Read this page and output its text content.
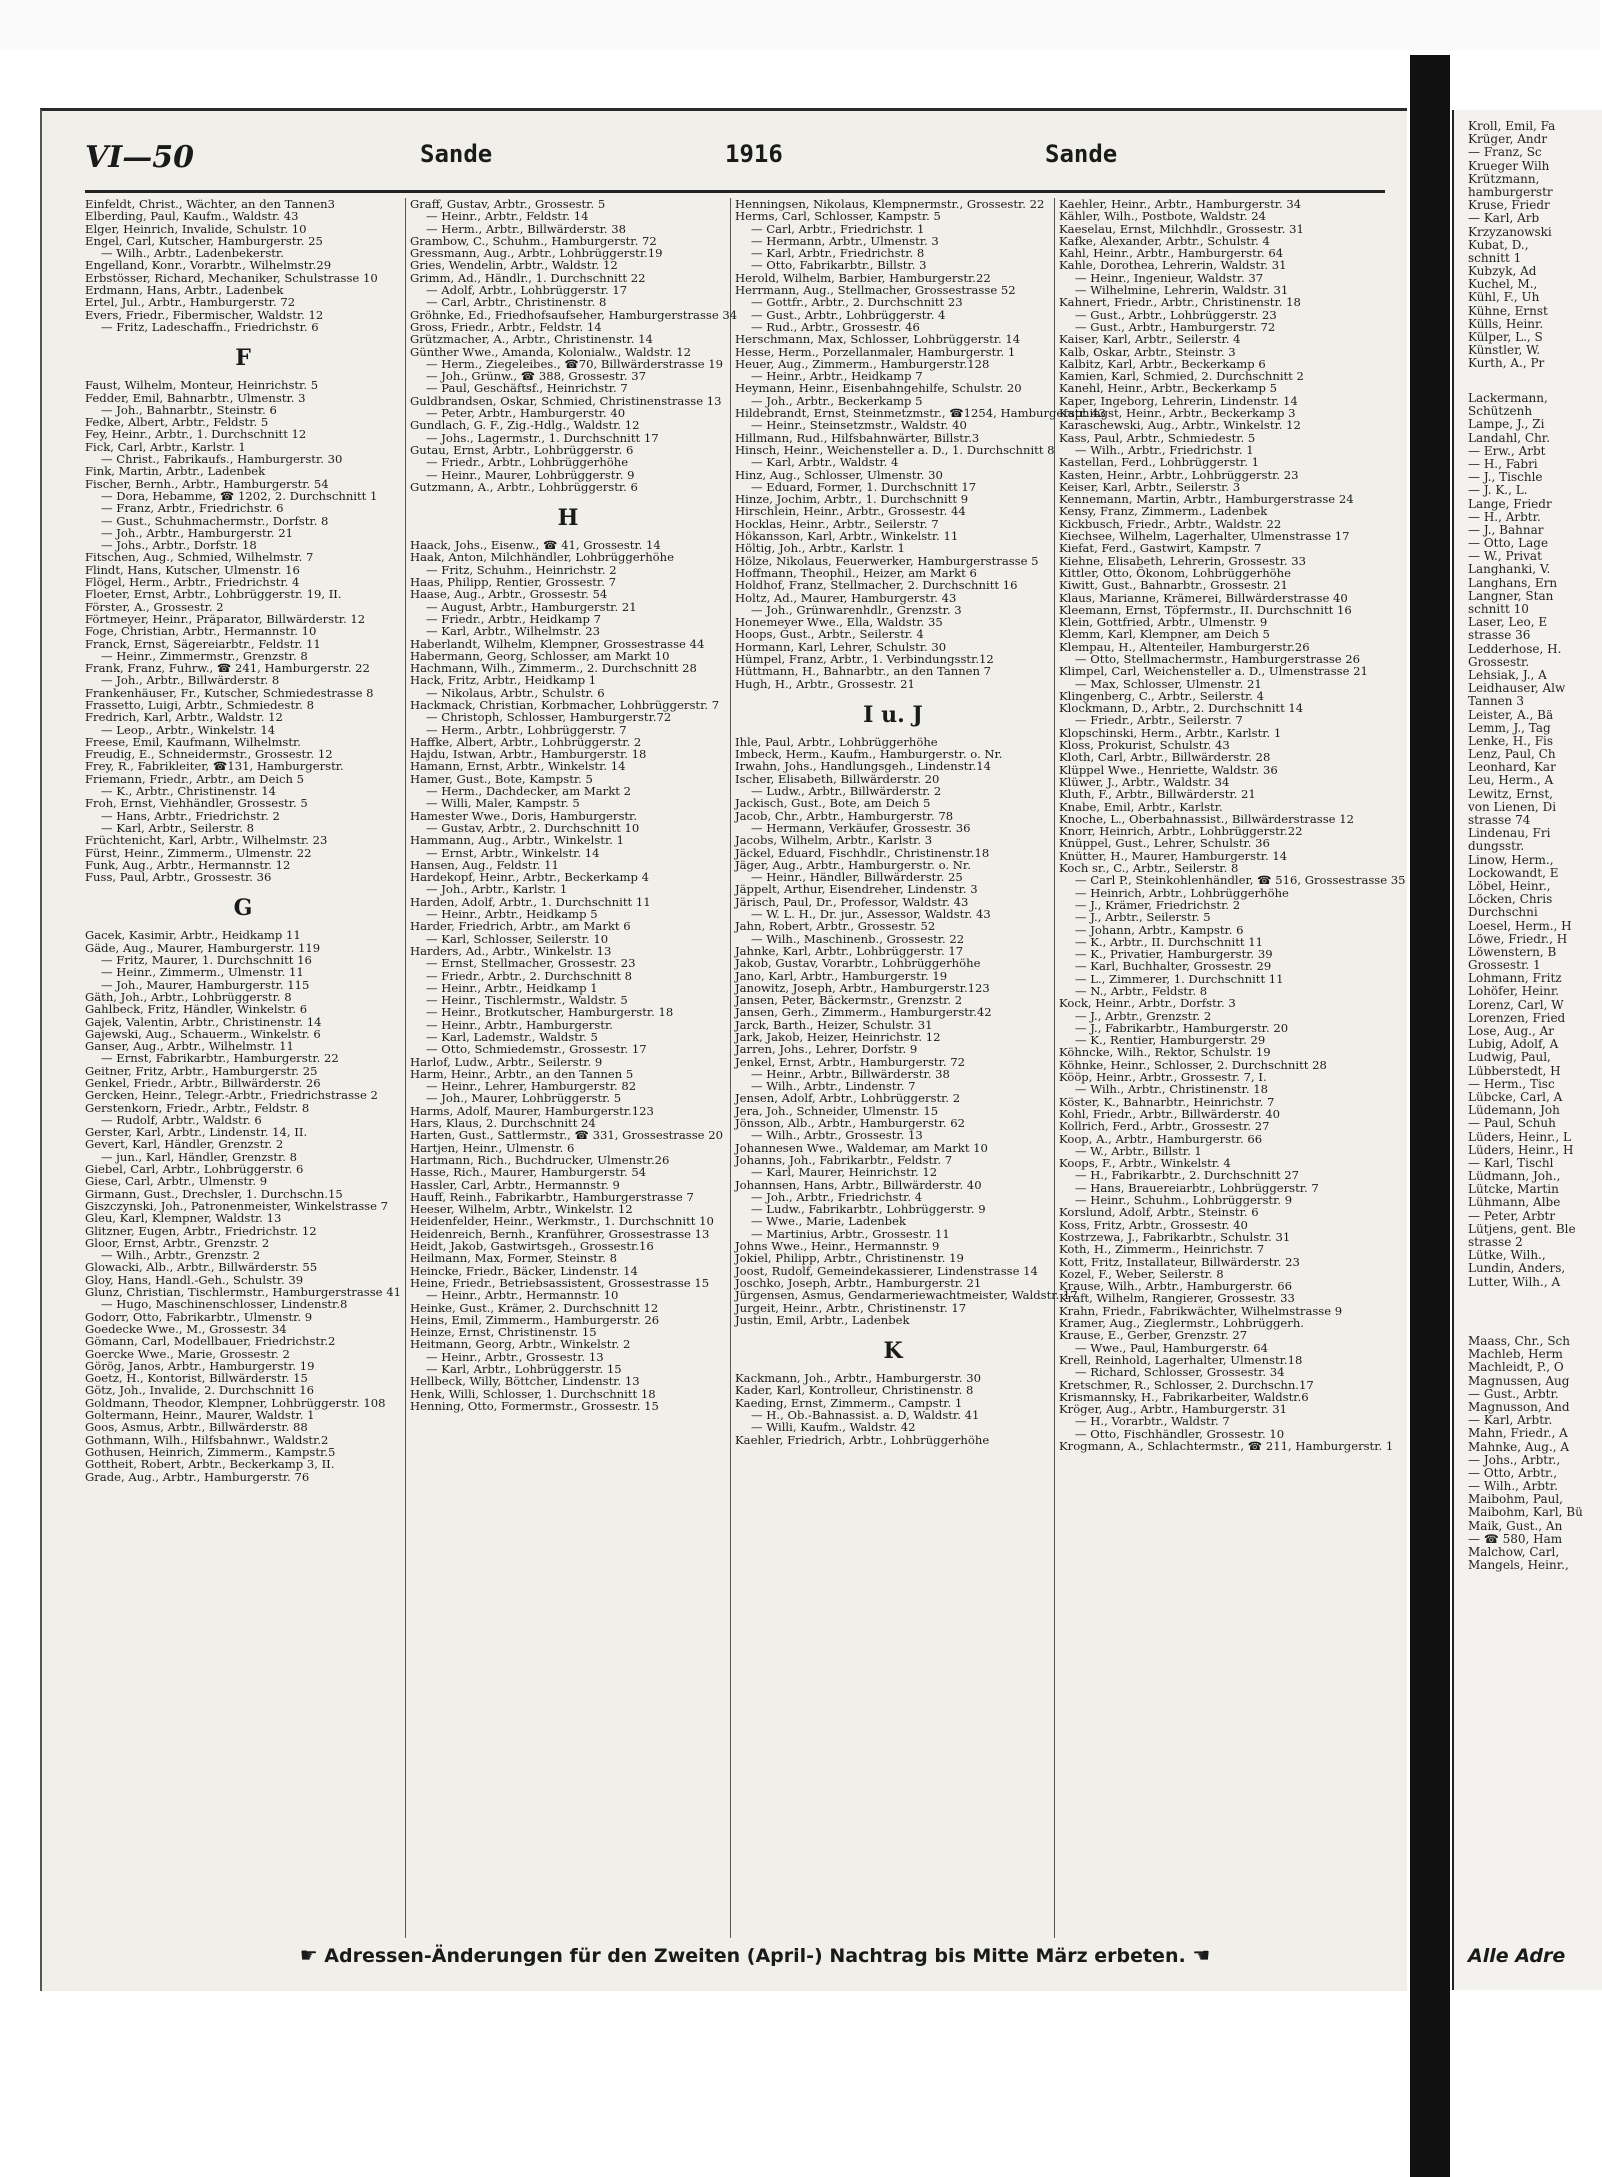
Kroll, Emil, Fa
Krüger, Andr
— Franz, Sc
Krueger Wilh
Krützmann,
hamburgerstr
Kruse, Friedr
— Karl, Arb
Krzyzanowski
Kubat, D.,
schnitt 1
Kubzyk, Ad
Kuchel, M.,
Kühl, F., Uh
Kühne, Ernst
Külls, Heinr.
Külper, L., S
Künstler, W.
Kurth, A., Pr
Lackermann,
Schützenh
Lampe, J., Zi
Landahl, Chr.
— Erw., Arbt
— H., Fabri
— J., Tischle
— J. K., L.
Lange, Friedr
— H., Arbtr.
— J., Bahnar
— Otto, Lage
— W., Privat
Langhanki, V.
Langhans, Ern
Langner, Stan
schnitt 10
Laser, Leo, E
strasse 36
Ledderhose, H.
Grossestr.
Lehsiak, J., A
Leidhauser, Alw
Tannen 3
Leister, A., Bä
Lemm, J., Tag
Lenke, H., Fis
Lenz, Paul, Ch
Leonhard, Kar
Leu, Herm., A
Lewitz, Ernst,
von Lienen, Di
strasse 74
Lindenau, Fri
dungsstr.
Linow, Herm.,
Lockowandt, E
Löbel, Heinr.,
Löcken, Chris
Durchschni
Loesel, Herm., H
Löwe, Friedr., H
Löwenstern, B
Grossestr. 1
Lohmann, Fritz
Lohöfer, Heinr.
Lorenz, Carl, W
Lorenzen, Fried
Lose, Aug., Ar
Lubig, Adolf, A
Ludwig, Paul,
Lübberstedt, H
— Herm., Tisc
Lübcke, Carl, A
Lüdemann, Joh
— Paul, Schuh
Lüders, Heinr., L
Lüders, Heinr., H
— Karl, Tischl
Lüdmann, Joh.,
Lütcke, Martin
Lühmann, Albe
— Peter, Arbtr
Lütjens, gent. Ble
strasse 2
Lütke, Wilh.,
Lundin, Anders,
Lutter, Wilh., A
Maass, Chr., Sch
Machleb, Herm
Machleidt, P., O
Magnussen, Aug
— Gust., Arbtr.
Magnusson, And
— Karl, Arbtr.
Mahn, Friedr., A
Mahnke, Aug., A
— Johs., Arbtr.,
— Otto, Arbtr.,
— Wilh., Arbtr.
Maibohm, Paul,
Maibohm, Karl, Bü
Maik, Gust., An
— ☎ 580, Ham
Malchow, Carl,
Mangels, Heinr.,
Alle Adre
VI—50	Sande	1916	Sande
Einfeldt, Christ., Wächter, an den Tannen3
Elberding, Paul, Kaufm., Waldstr. 43
Elger, Heinrich, Invalide, Schulstr. 10
Engel, Carl, Kutscher, Hamburgerstr. 25
— Wilh., Arbtr., Ladenbekerstr.
Engelland, Konr., Vorarbtr., Wilhelmstr.29
Erbstösser, Richard, Mechaniker, Schulstrasse 10
Erdmann, Hans, Arbtr., Ladenbek
Ertel, Jul., Arbtr., Hamburgerstr. 72
Evers, Friedr., Fibermischer, Waldstr. 12
— Fritz, Ladeschaffn., Friedrichstr. 6
F
Faust, Wilhelm, Monteur, Heinrichstr. 5
Fedder, Emil, Bahnarbtr., Ulmenstr. 3
— Joh., Bahnarbtr., Steinstr. 6
Fedke, Albert, Arbtr., Feldstr. 5
Fey, Heinr., Arbtr., 1. Durchschnitt 12
Fick, Carl, Arbtr., Karlstr. 1
— Christ., Fabrikaufs., Hamburgerstr. 30
Fink, Martin, Arbtr., Ladenbek
Fischer, Bernh., Arbtr., Hamburgerstr. 54
— Dora, Hebamme, ☎ 1202, 2. Durchschnitt 1
— Franz, Arbtr., Friedrichstr. 6
— Gust., Schuhmachermstr., Dorfstr. 8
— Joh., Arbtr., Hamburgerstr. 21
— Johs., Arbtr., Dorfstr. 18
Fitschen, Aug., Schmied, Wilhelmstr. 7
Flindt, Hans, Kutscher, Ulmenstr. 16
Flögel, Herm., Arbtr., Friedrichstr. 4
Floeter, Ernst, Arbtr., Lohbrüggerstr. 19, II.
Förster, A., Grossestr. 2
Förtmeyer, Heinr., Präparator, Billwärderstr. 12
Foge, Christian, Arbtr., Hermannstr. 10
Franck, Ernst, Sägereiarbtr., Feldstr. 11
— Heinr., Zimmermstr., Grenzstr. 8
Frank, Franz, Fuhrw., ☎ 241, Hamburgerstr. 22
— Joh., Arbtr., Billwärderstr. 8
Frankenhäuser, Fr., Kutscher, Schmiedestrasse 8
Frassetto, Luigi, Arbtr., Schmiedestr. 8
Fredrich, Karl, Arbtr., Waldstr. 12
— Leop., Arbtr., Winkelstr. 14
Freese, Emil, Kaufmann, Wilhelmstr.
Freudig, E., Schneidermstr., Grossestr. 12
Frey, R., Fabrikleiter, ☎131, Hamburgerstr.
Friemann, Friedr., Arbtr., am Deich 5
— K., Arbtr., Christinenstr. 14
Froh, Ernst, Viehhändler, Grossestr. 5
— Hans, Arbtr., Friedrichstr. 2
— Karl, Arbtr., Seilerstr. 8
Früchtenicht, Karl, Arbtr., Wilhelmstr. 23
Fürst, Heinr., Zimmerm., Ulmenstr. 22
Funk, Aug., Arbtr., Hermannstr. 12
Fuss, Paul, Arbtr., Grossestr. 36
G
Gacek, Kasimir, Arbtr., Heidkamp 11
Gäde, Aug., Maurer, Hamburgerstr. 119
— Fritz, Maurer, 1. Durchschnitt 16
— Heinr., Zimmerm., Ulmenstr. 11
— Joh., Maurer, Hamburgerstr. 115
Gäth, Joh., Arbtr., Lohbrüggerstr. 8
Gahlbeck, Fritz, Händler, Winkelstr. 6
Gajek, Valentin, Arbtr., Christinenstr. 14
Gajewski, Aug., Schauerm., Winkelstr. 6
Ganser, Aug., Arbtr., Wilhelmstr. 11
— Ernst, Fabrikarbtr., Hamburgerstr. 22
Geitner, Fritz, Arbtr., Hamburgerstr. 25
Genkel, Friedr., Arbtr., Billwärderstr. 26
Gercken, Heinr., Telegr.-Arbtr., Friedrichstrasse 2
Gerstenkorn, Friedr., Arbtr., Feldstr. 8
— Rudolf, Arbtr., Waldstr. 6
Gerster, Karl, Arbtr., Lindenstr. 14, II.
Gevert, Karl, Händler, Grenzstr. 2
— jun., Karl, Händler, Grenzstr. 8
Giebel, Carl, Arbtr., Lohbrüggerstr. 6
Giese, Carl, Arbtr., Ulmenstr. 9
Girmann, Gust., Drechsler, 1. Durchschn.15
Giszczynski, Joh., Patronenmeister, Winkelstrasse 7
Gleu, Karl, Klempner, Waldstr. 13
Glitzner, Eugen, Arbtr., Friedrichstr. 12
Gloor, Ernst, Arbtr., Grenzstr. 2
— Wilh., Arbtr., Grenzstr. 2
Glowacki, Alb., Arbtr., Billwärderstr. 55
Gloy, Hans, Handl.-Geh., Schulstr. 39
Glunz, Christian, Tischlermstr., Hamburgerstrasse 41
— Hugo, Maschinenschlosser, Lindenstr.8
Godorr, Otto, Fabrikarbtr., Ulmenstr. 9
Goedecke Wwe., M., Grossestr. 34
Gömann, Carl, Modellbauer, Friedrichstr.2
Goercke Wwe., Marie, Grossestr. 2
Görög, Janos, Arbtr., Hamburgerstr. 19
Goetz, H., Kontorist, Billwärderstr. 15
Götz, Joh., Invalide, 2. Durchschnitt 16
Goldmann, Theodor, Klempner, Lohbrüggerstr. 108
Goltermann, Heinr., Maurer, Waldstr. 1
Goos, Asmus, Arbtr., Billwärderstr. 88
Gothmann, Wilh., Hilfsbahnwr., Waldstr.2
Gothusen, Heinrich, Zimmerm., Kampstr.5
Gottheit, Robert, Arbtr., Beckerkamp 3, II.
Grade, Aug., Arbtr., Hamburgerstr. 76
Graff, Gustav, Arbtr., Grossestr. 5
— Heinr., Arbtr., Feldstr. 14
— Herm., Arbtr., Billwärderstr. 38
Grambow, C., Schuhm., Hamburgerstr. 72
Gressmann, Aug., Arbtr., Lohbrüggerstr.19
Gries, Wendelin, Arbtr., Waldstr. 12
Grimm, Ad., Händlr., 1. Durchschnitt 22
— Adolf, Arbtr., Lohbrüggerstr. 17
— Carl, Arbtr., Christinenstr. 8
Gröhnke, Ed., Friedhofsaufseher, Hamburgerstrasse 34
Gross, Friedr., Arbtr., Feldstr. 14
Grützmacher, A., Arbtr., Christinenstr. 14
Günther Wwe., Amanda, Kolonialw., Waldstr. 12
— Herm., Ziegeleibes., ☎70, Billwärderstrasse 19
— Joh., Grünw., ☎ 388, Grossestr. 37
— Paul, Geschäftsf., Heinrichstr. 7
Guldbrandsen, Oskar, Schmied, Christinenstrasse 13
— Peter, Arbtr., Hamburgerstr. 40
Gundlach, G. F., Zig.-Hdlg., Waldstr. 12
— Johs., Lagermstr., 1. Durchschnitt 17
Gutau, Ernst, Arbtr., Lohbrüggerstr. 6
— Friedr., Arbtr., Lohbrüggerhöhe
— Heinr., Maurer, Lohbrüggerstr. 9
Gutzmann, A., Arbtr., Lohbrüggerstr. 6
H
Haack, Johs., Eisenw., ☎ 41, Grossestr. 14
Haak, Anton, Milchhändler, Lohbrüggerhöhe
— Fritz, Schuhm., Heinrichstr. 2
Haas, Philipp, Rentier, Grossestr. 7
Haase, Aug., Arbtr., Grossestr. 54
— August, Arbtr., Hamburgerstr. 21
— Friedr., Arbtr., Heidkamp 7
— Karl, Arbtr., Wilhelmstr. 23
Haberlandt, Wilhelm, Klempner, Grossestrasse 44
Habermann, Georg, Schlosser, am Markt 10
Hachmann, Wilh., Zimmerm., 2. Durchschnitt 28
Hack, Fritz, Arbtr., Heidkamp 1
— Nikolaus, Arbtr., Schulstr. 6
Hackmack, Christian, Korbmacher, Lohbrüggerstr. 7
— Christoph, Schlosser, Hamburgerstr.72
— Herm., Arbtr., Lohbrüggerstr. 7
Haffke, Albert, Arbtr., Lohbrüggerstr. 2
Hajdu, Istwan, Arbtr., Hamburgerstr. 18
Hamann, Ernst, Arbtr., Winkelstr. 14
Hamer, Gust., Bote, Kampstr. 5
— Herm., Dachdecker, am Markt 2
— Willi, Maler, Kampstr. 5
Hamester Wwe., Doris, Hamburgerstr.
— Gustav, Arbtr., 2. Durchschnitt 10
Hammann, Aug., Arbtr., Winkelstr. 1
— Ernst, Arbtr., Winkelstr. 14
Hansen, Aug., Feldstr. 11
Hardekopf, Heinr., Arbtr., Beckerkamp 4
— Joh., Arbtr., Karlstr. 1
Harden, Adolf, Arbtr., 1. Durchschnitt 11
— Heinr., Arbtr., Heidkamp 5
Harder, Friedrich, Arbtr., am Markt 6
— Karl, Schlosser, Seilerstr. 10
Harders, Ad., Arbtr., Winkelstr. 13
— Ernst, Stellmacher, Grossestr. 23
— Friedr., Arbtr., 2. Durchschnitt 8
— Heinr., Arbtr., Heidkamp 1
— Heinr., Tischlermstr., Waldstr. 5
— Heinr., Brotkutscher, Hamburgerstr. 18
— Heinr., Arbtr., Hamburgerstr.
— Karl, Lademstr., Waldstr. 5
— Otto, Schmiedemstr., Grossestr. 17
Harlof, Ludw., Arbtr., Seilerstr. 9
Harm, Heinr., Arbtr., an den Tannen 5
— Heinr., Lehrer, Hamburgerstr. 82
— Joh., Maurer, Lohbrüggerstr. 5
Harms, Adolf, Maurer, Hamburgerstr.123
Hars, Klaus, 2. Durchschnitt 24
Harten, Gust., Sattlermstr., ☎ 331, Grossestrasse 20
Hartjen, Heinr., Ulmenstr. 6
Hartmann, Rich., Buchdrucker, Ulmenstr.26
Hasse, Rich., Maurer, Hamburgerstr. 54
Hassler, Carl, Arbtr., Hermannstr. 9
Hauff, Reinh., Fabrikarbtr., Hamburgerstrasse 7
Heeser, Wilhelm, Arbtr., Winkelstr. 12
Heidenfelder, Heinr., Werkmstr., 1. Durchschnitt 10
Heidenreich, Bernh., Kranführer, Grossestrasse 13
Heidt, Jakob, Gastwirtsgeh., Grossestr.16
Heilmann, Max, Former, Steinstr. 8
Heincke, Friedr., Bäcker, Lindenstr. 14
Heine, Friedr., Betriebsassistent, Grossestrasse 15
— Heinr., Arbtr., Hermannstr. 10
Heinke, Gust., Krämer, 2. Durchschnitt 12
Heins, Emil, Zimmerm., Hamburgerstr. 26
Heinze, Ernst, Christinenstr. 15
Heitmann, Georg, Arbtr., Winkelstr. 2
— Heinr., Arbtr., Grossestr. 13
— Karl, Arbtr., Lohbrüggerstr. 15
Hellbeck, Willy, Böttcher, Lindenstr. 13
Henk, Willi, Schlosser, 1. Durchschnitt 18
Henning, Otto, Formermstr., Grossestr. 15
Henningsen, Nikolaus, Klempnermstr., Grossestr. 22
Herms, Carl, Schlosser, Kampstr. 5
— Carl, Arbtr., Friedrichstr. 1
— Hermann, Arbtr., Ulmenstr. 3
— Karl, Arbtr., Friedrichstr. 8
— Otto, Fabrikarbtr., Billstr. 3
Herold, Wilhelm, Barbier, Hamburgerstr.22
Herrmann, Aug., Stellmacher, Grossestrasse 52
— Gottfr., Arbtr., 2. Durchschnitt 23
— Gust., Arbtr., Lohbrüggerstr. 4
— Rud., Arbtr., Grossestr. 46
Herschmann, Max, Schlosser, Lohbrüggerstr. 14
Hesse, Herm., Porzellanmaler, Hamburgerstr. 1
Heuer, Aug., Zimmerm., Hamburgerstr.128
— Heinr., Arbtr., Heidkamp 7
Heymann, Heinr., Eisenbahngehilfe, Schulstr. 20
— Joh., Arbtr., Beckerkamp 5
Hildebrandt, Ernst, Steinmetzmstr., ☎1254, Hamburgerstr. 43
— Heinr., Steinsetzmstr., Waldstr. 40
Hillmann, Rud., Hilfsbahnwärter, Billstr.3
Hinsch, Heinr., Weichensteller a. D., 1. Durchschnitt 8
— Karl, Arbtr., Waldstr. 4
Hinz, Aug., Schlosser, Ulmenstr. 30
— Eduard, Former, 1. Durchschnitt 17
Hinze, Jochim, Arbtr., 1. Durchschnitt 9
Hirschlein, Heinr., Arbtr., Grossestr. 44
Hocklas, Heinr., Arbtr., Seilerstr. 7
Hökansson, Karl, Arbtr., Winkelstr. 11
Höltig, Joh., Arbtr., Karlstr. 1
Hölze, Nikolaus, Feuerwerker, Hamburgerstrasse 5
Hoffmann, Theophil., Heizer, am Markt 6
Holdhof, Franz, Stellmacher, 2. Durchschnitt 16
Holtz, Ad., Maurer, Hamburgerstr. 43
— Joh., Grünwarenhdlr., Grenzstr. 3
Honemeyer Wwe., Ella, Waldstr. 35
Hoops, Gust., Arbtr., Seilerstr. 4
Hormann, Karl, Lehrer, Schulstr. 30
Hümpel, Franz, Arbtr., 1. Verbindungsstr.12
Hüttmann, H., Bahnarbtr., an den Tannen 7
Hugh, H., Arbtr., Grossestr. 21
I u. J
Ihle, Paul, Arbtr., Lohbrüggerhöhe
Imbeck, Herm., Kaufm., Hamburgerstr. o. Nr.
Irwahn, Johs., Handlungsgeh., Lindenstr.14
Ischer, Elisabeth, Billwärderstr. 20
— Ludw., Arbtr., Billwärderstr. 2
Jackisch, Gust., Bote, am Deich 5
Jacob, Chr., Arbtr., Hamburgerstr. 78
— Hermann, Verkäufer, Grossestr. 36
Jacobs, Wilhelm, Arbtr., Karlstr. 3
Jäckel, Eduard, Fischhdlr., Christinenstr.18
Jäger, Aug., Arbtr., Hamburgerstr. o. Nr.
— Heinr., Händler, Billwärderstr. 25
Jäppelt, Arthur, Eisendreher, Lindenstr. 3
Järisch, Paul, Dr., Professor, Waldstr. 43
— W. L. H., Dr. jur., Assessor, Waldstr. 43
Jahn, Robert, Arbtr., Grossestr. 52
— Wilh., Maschinenb., Grossestr. 22
Jahnke, Karl, Arbtr., Lohbrüggerstr. 17
Jakob, Gustav, Vorarbtr., Lohbrüggerhöhe
Jano, Karl, Arbtr., Hamburgerstr. 19
Janowitz, Joseph, Arbtr., Hamburgerstr.123
Jansen, Peter, Bäckermstr., Grenzstr. 2
Jansen, Gerh., Zimmerm., Hamburgerstr.42
Jarck, Barth., Heizer, Schulstr. 31
Jark, Jakob, Heizer, Heinrichstr. 12
Jarren, Johs., Lehrer, Dorfstr. 9
Jenkel, Ernst, Arbtr., Hamburgerstr. 72
— Heinr., Arbtr., Billwärderstr. 38
— Wilh., Arbtr., Lindenstr. 7
Jensen, Adolf, Arbtr., Lohbrüggerstr. 2
Jera, Joh., Schneider, Ulmenstr. 15
Jönsson, Alb., Arbtr., Hamburgerstr. 62
— Wilh., Arbtr., Grossestr. 13
Johannesen Wwe., Waldemar, am Markt 10
Johanns, Joh., Fabrikarbtr., Feldstr. 7
— Karl, Maurer, Heinrichstr. 12
Johannsen, Hans, Arbtr., Billwärderstr. 40
— Joh., Arbtr., Friedrichstr. 4
— Ludw., Fabrikarbtr., Lohbrüggerstr. 9
— Wwe., Marie, Ladenbek
— Martinius, Arbtr., Grossestr. 11
Johns Wwe., Heinr., Hermannstr. 9
Jokiel, Philipp, Arbtr., Christinenstr. 19
Joost, Rudolf, Gemeindekassierer, Lindenstrasse 14
Joschko, Joseph, Arbtr., Hamburgerstr. 21
Jürgensen, Asmus, Gendarmeriewachtmeister, Waldstr. 17
Jurgeit, Heinr., Arbtr., Christinenstr. 17
Justin, Emil, Arbtr., Ladenbek
K
Kackmann, Joh., Arbtr., Hamburgerstr. 30
Kader, Karl, Kontrolleur, Christinenstr. 8
Kaeding, Ernst, Zimmerm., Campstr. 1
— H., Ob.-Bahnassist. a. D, Waldstr. 41
— Willi, Kaufm., Waldstr. 42
Kaehler, Friedrich, Arbtr., Lohbrüggerhöhe
Kaehler, Heinr., Arbtr., Hamburgerstr. 34
Kähler, Wilh., Postbote, Waldstr. 24
Kaeselau, Ernst, Milchhdlr., Grossestr. 31
Kafke, Alexander, Arbtr., Schulstr. 4
Kahl, Heinr., Arbtr., Hamburgerstr. 64
Kahle, Dorothea, Lehrerin, Waldstr. 31
— Heinr., Ingenieur, Waldstr. 37
— Wilhelmine, Lehrerin, Waldstr. 31
Kahnert, Friedr., Arbtr., Christinenstr. 18
— Gust., Arbtr., Lohbrüggerstr. 23
— Gust., Arbtr., Hamburgerstr. 72
Kaiser, Karl, Arbtr., Seilerstr. 4
Kalb, Oskar, Arbtr., Steinstr. 3
Kalbitz, Karl, Arbtr., Beckerkamp 6
Kamien, Karl, Schmied, 2. Durchschnitt 2
Kanehl, Heinr., Arbtr., Beckerkamp 5
Kaper, Ingeborg, Lehrerin, Lindenstr. 14
Kaphingst, Heinr., Arbtr., Beckerkamp 3
Karaschewski, Aug., Arbtr., Winkelstr. 12
Kass, Paul, Arbtr., Schmiedestr. 5
— Wilh., Arbtr., Friedrichstr. 1
Kastellan, Ferd., Lohbrüggerstr. 1
Kasten, Heinr., Arbtr., Lohbrüggerstr. 23
Keiser, Karl, Arbtr., Seilerstr. 3
Kennemann, Martin, Arbtr., Hamburgerstrasse 24
Kensy, Franz, Zimmerm., Ladenbek
Kickbusch, Friedr., Arbtr., Waldstr. 22
Kiechsee, Wilhelm, Lagerhalter, Ulmenstrasse 17
Kiefat, Ferd., Gastwirt, Kampstr. 7
Kiehne, Elisabeth, Lehrerin, Grossestr. 33
Kittler, Otto, Ökonom, Lohbrüggerhöhe
Kiwitt, Gust., Bahnarbtr., Grossestr. 21
Klaus, Marianne, Krämerei, Billwärderstrasse 40
Kleemann, Ernst, Töpfermstr., II. Durchschnitt 16
Klein, Gottfried, Arbtr., Ulmenstr. 9
Klemm, Karl, Klempner, am Deich 5
Klempau, H., Altenteiler, Hamburgerstr.26
— Otto, Stellmachermstr., Hamburgerstrasse 26
Klimpel, Carl, Weichensteller a. D., Ulmenstrasse 21
— Max, Schlosser, Ulmenstr. 21
Klingenberg, C., Arbtr., Seilerstr. 4
Klockmann, D., Arbtr., 2. Durchschnitt 14
— Friedr., Arbtr., Seilerstr. 7
Klopschinski, Herm., Arbtr., Karlstr. 1
Kloss, Prokurist, Schulstr. 43
Kloth, Carl, Arbtr., Billwärderstr. 28
Klüppel Wwe., Henriette, Waldstr. 36
Klüwer, J., Arbtr., Waldstr. 34
Kluth, F., Arbtr., Billwärderstr. 21
Knabe, Emil, Arbtr., Karlstr.
Knoche, L., Oberbahnassist., Billwärderstrasse 12
Knorr, Heinrich, Arbtr., Lohbrüggerstr.22
Knüppel, Gust., Lehrer, Schulstr. 36
Knütter, H., Maurer, Hamburgerstr. 14
Koch sr., C., Arbtr., Seilerstr. 8
— Carl P., Steinkohlenhändler, ☎ 516, Grossestrasse 35
— Heinrich, Arbtr., Lohbrüggerhöhe
— J., Krämer, Friedrichstr. 2
— J., Arbtr., Seilerstr. 5
— Johann, Arbtr., Kampstr. 6
— K., Arbtr., II. Durchschnitt 11
— K., Privatier, Hamburgerstr. 39
— Karl, Buchhalter, Grossestr. 29
— L., Zimmerer, 1. Durchschnitt 11
— N., Arbtr., Feldstr. 8
Kock, Heinr., Arbtr., Dorfstr. 3
— J., Arbtr., Grenzstr. 2
— J., Fabrikarbtr., Hamburgerstr. 20
— K., Rentier, Hamburgerstr. 29
Köhncke, Wilh., Rektor, Schulstr. 19
Köhnke, Heinr., Schlosser, 2. Durchschnitt 28
Kööp, Heinr., Arbtr., Grossestr. 7, I.
— Wilh., Arbtr., Christinenstr. 18
Köster, K., Bahnarbtr., Heinrichstr. 7
Kohl, Friedr., Arbtr., Billwärderstr. 40
Kollrich, Ferd., Arbtr., Grossestr. 27
Koop, A., Arbtr., Hamburgerstr. 66
— W., Arbtr., Billstr. 1
Koops, F., Arbtr., Winkelstr. 4
— H., Fabrikarbtr., 2. Durchschnitt 27
— Hans, Brauereiarbtr., Lohbrüggerstr. 7
— Heinr., Schuhm., Lohbrüggerstr. 9
Korslund, Adolf, Arbtr., Steinstr. 6
Koss, Fritz, Arbtr., Grossestr. 40
Kostrzewa, J., Fabrikarbtr., Schulstr. 31
Koth, H., Zimmerm., Heinrichstr. 7
Kott, Fritz, Installateur, Billwärderstr. 23
Kozel, F., Weber, Seilerstr. 8
Krause, Wilh., Arbtr., Hamburgerstr. 66
Kraft, Wilhelm, Rangierer, Grossestr. 33
Krahn, Friedr., Fabrikwächter, Wilhelmstrasse 9
Kramer, Aug., Zieglermstr., Lohbrüggerh.
Krause, E., Gerber, Grenzstr. 27
— Wwe., Paul, Hamburgerstr. 64
Krell, Reinhold, Lagerhalter, Ulmenstr.18
— Richard, Schlosser, Grossestr. 34
Kretschmer, R., Schlosser, 2. Durchschn.17
Krismannsky, H., Fabrikarbeiter, Waldstr.6
Kröger, Aug., Arbtr., Hamburgerstr. 31
— H., Vorarbtr., Waldstr. 7
— Otto, Fischhändler, Grossestr. 10
Krogmann, A., Schlachtermstr., ☎ 211, Hamburgerstr. 1
☛ Adressen-Änderungen für den Zweiten (April-) Nachtrag bis Mitte März erbeten. ☚
